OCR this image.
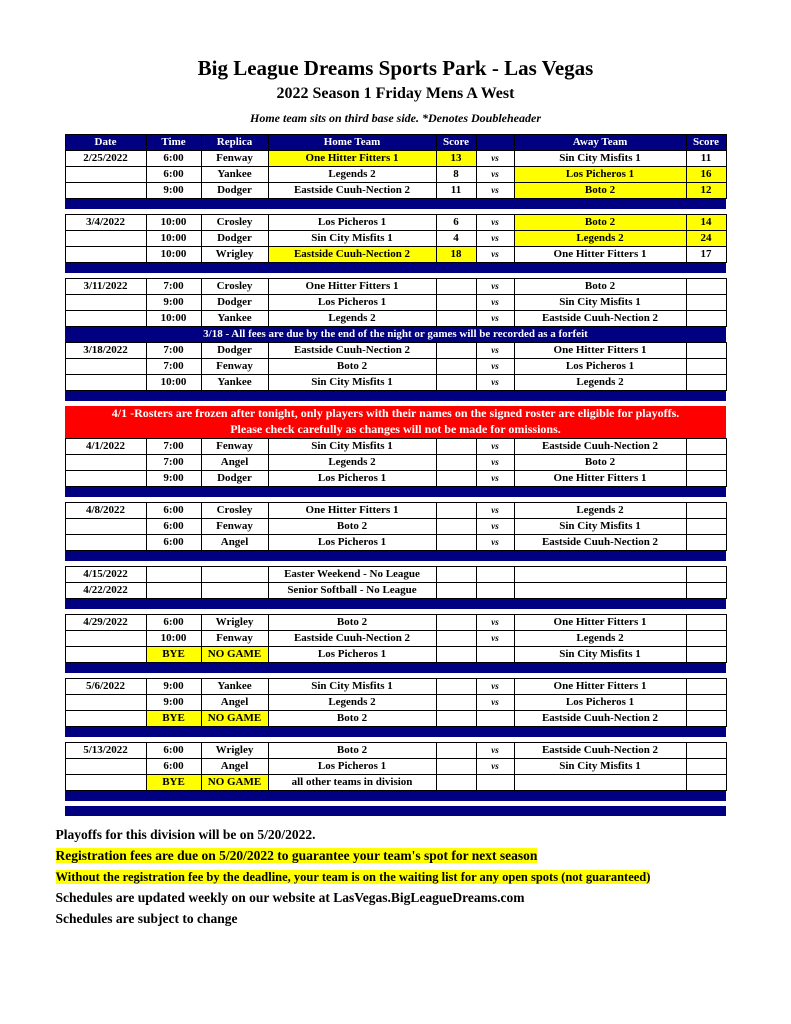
Big League Dreams Sports Park - Las Vegas
2022 Season 1 Friday Mens A West
Home team sits on third base side. *Denotes Doubleheader
Date	Time	Replica	Home Team	Score		Away Team	Score
2/25/2022	6:00	Fenway	One Hitter Fitters 1	13	vs	Sin City Misfits 1	11
	6:00	Yankee	Legends 2	8	vs	Los Picheros 1	16
	9:00	Dodger	Eastside Cuuh-Nection 2	11	vs	Boto 2	12

3/4/2022	10:00	Crosley	Los Picheros 1	6	vs	Boto 2	14
	10:00	Dodger	Sin City Misfits 1	4	vs	Legends 2	24
	10:00	Wrigley	Eastside Cuuh-Nection 2	18	vs	One Hitter Fitters 1	17

3/11/2022	7:00	Crosley	One Hitter Fitters 1		vs	Boto 2	
	9:00	Dodger	Los Picheros 1		vs	Sin City Misfits 1	
	10:00	Yankee	Legends 2		vs	Eastside Cuuh-Nection 2	
3/18 - All fees are due by the end of the night or games will be recorded as a forfeit							
3/18/2022	7:00	Dodger	Eastside Cuuh-Nection 2		vs	One Hitter Fitters 1	
	7:00	Fenway	Boto 2		vs	Los Picheros 1	
	10:00	Yankee	Sin City Misfits 1		vs	Legends 2	

4/1 -Rosters are frozen after tonight, only players with their names on the signed roster are eligible for playoffs.							
Please check carefully as changes will not be made for omissions.							
4/1/2022	7:00	Fenway	Sin City Misfits 1		vs	Eastside Cuuh-Nection 2	
	7:00	Angel	Legends 2		vs	Boto 2	
	9:00	Dodger	Los Picheros 1		vs	One Hitter Fitters 1	

4/8/2022	6:00	Crosley	One Hitter Fitters 1		vs	Legends 2	
	6:00	Fenway	Boto 2		vs	Sin City Misfits 1	
	6:00	Angel	Los Picheros 1		vs	Eastside Cuuh-Nection 2	

4/15/2022			Easter Weekend - No League				
4/22/2022			Senior Softball - No League				

4/29/2022	6:00	Wrigley	Boto 2		vs	One Hitter Fitters 1	
	10:00	Fenway	Eastside Cuuh-Nection 2		vs	Legends 2	
	BYE	NO GAME	Los Picheros 1			Sin City Misfits 1	

5/6/2022	9:00	Yankee	Sin City Misfits 1		vs	One Hitter Fitters 1	
	9:00	Angel	Legends 2		vs	Los Picheros 1	
	BYE	NO GAME	Boto 2			Eastside Cuuh-Nection 2	

5/13/2022	6:00	Wrigley	Boto 2		vs	Eastside Cuuh-Nection 2	
	6:00	Angel	Los Picheros 1		vs	Sin City Misfits 1	
	BYE	NO GAME	all other teams in division				

Playoffs for this division will be on 5/20/2022.
Registration fees are due on 5/20/2022 to guarantee your team's spot for next season
Without the registration fee by the deadline, your team is on the waiting list for any open spots (not guaranteed)
Schedules are updated weekly on our website at LasVegas.BigLeagueDreams.com
Schedules are subject to change
